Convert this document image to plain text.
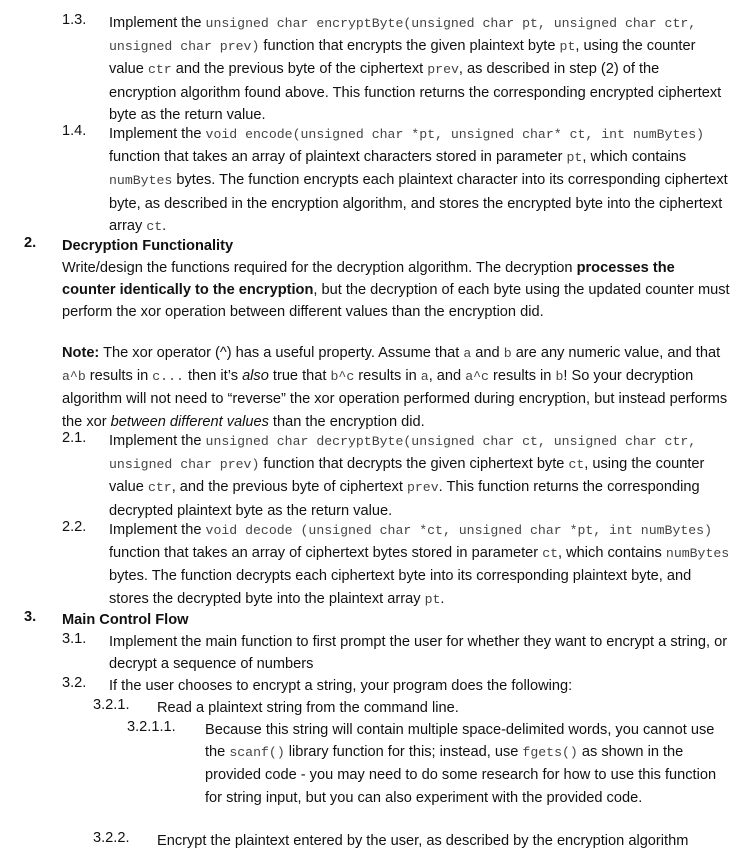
1.3. Implement the unsigned char encryptByte(unsigned char pt, unsigned char ctr, unsigned char prev) function that encrypts the given plaintext byte pt, using the counter value ctr and the previous byte of the ciphertext prev, as described in step (2) of the encryption algorithm found above. This function returns the corresponding encrypted ciphertext byte as the return value.
1.4. Implement the void encode(unsigned char *pt, unsigned char* ct, int numBytes) function that takes an array of plaintext characters stored in parameter pt, which contains numBytes bytes. The function encrypts each plaintext character into its corresponding ciphertext byte, as described in the encryption algorithm, and stores the encrypted byte into the ciphertext array ct.
2. Decryption Functionality
Write/design the functions required for the decryption algorithm. The decryption processes the counter identically to the encryption, but the decryption of each byte using the updated counter must perform the xor operation between different values than the encryption did.
Note: The xor operator (^) has a useful property. Assume that a and b are any numeric value, and that a^b results in c... then it’s also true that b^c results in a, and a^c results in b! So your decryption algorithm will not need to “reverse” the xor operation performed during encryption, but instead performs the xor between different values than the encryption did.
2.1. Implement the unsigned char decryptByte(unsigned char ct, unsigned char ctr, unsigned char prev) function that decrypts the given ciphertext byte ct, using the counter value ctr, and the previous byte of ciphertext prev. This function returns the corresponding decrypted plaintext byte as the return value.
2.2. Implement the void decode (unsigned char *ct, unsigned char *pt, int numBytes) function that takes an array of ciphertext bytes stored in parameter ct, which contains numBytes bytes. The function decrypts each ciphertext byte into its corresponding plaintext byte, and stores the decrypted byte into the plaintext array pt.
3. Main Control Flow
3.1. Implement the main function to first prompt the user for whether they want to encrypt a string, or decrypt a sequence of numbers
3.2. If the user chooses to encrypt a string, your program does the following:
3.2.1. Read a plaintext string from the command line.
3.2.1.1. Because this string will contain multiple space-delimited words, you cannot use the scanf() library function for this; instead, use fgets() as shown in the provided code - you may need to do some research for how to use this function for string input, but you can also experiment with the provided code.
3.2.2. Encrypt the plaintext entered by the user, as described by the encryption algorithm
